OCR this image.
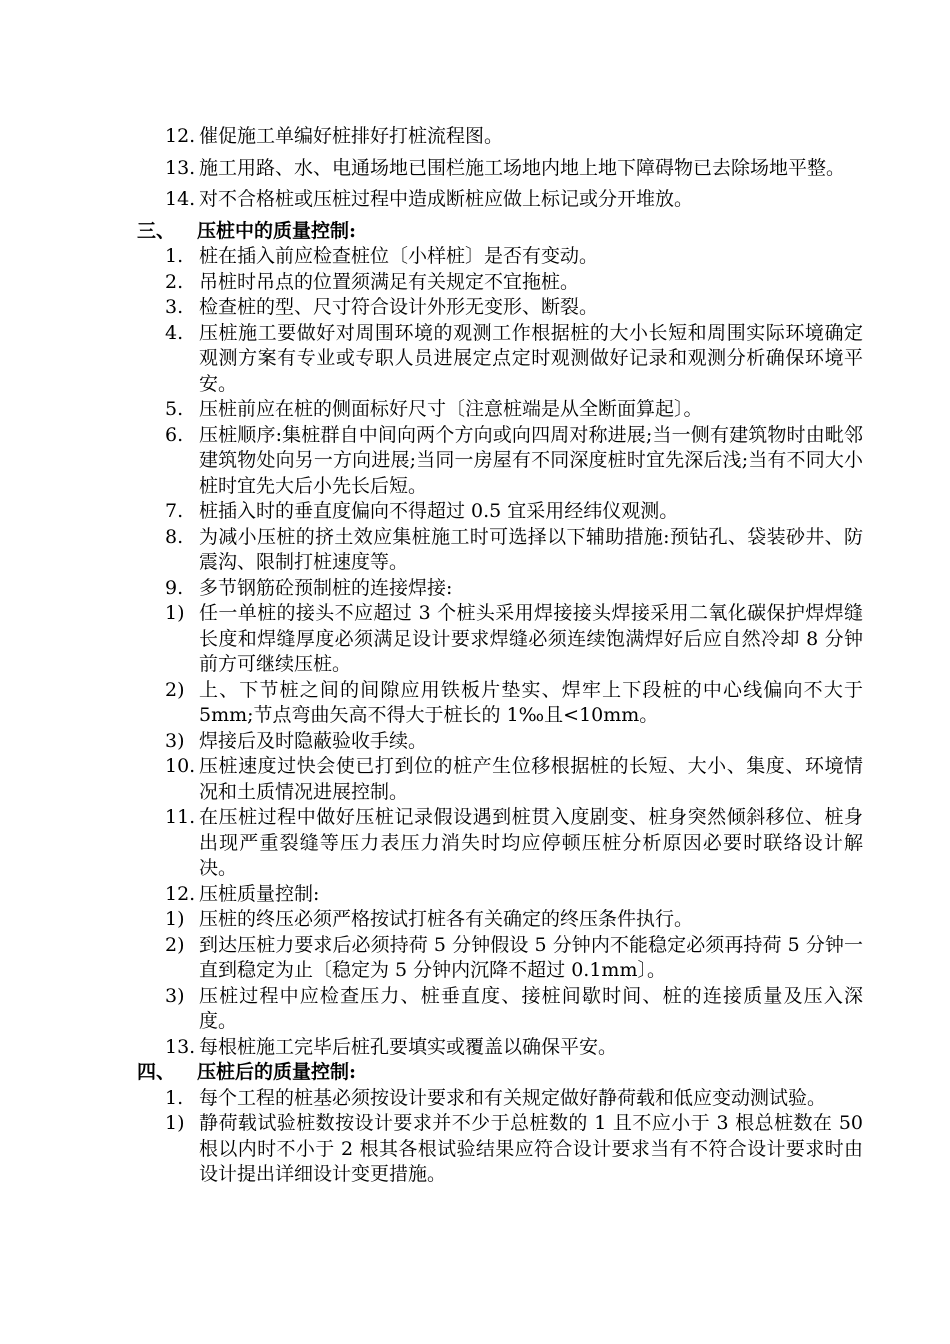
12. 催促施工单编好桩排好打桩流程图。
13. 施工用路、水、电通场地已围栏施工场地内地上地下障碍物已去除场地平整。
14. 对不合格桩或压桩过程中造成断桩应做上标记或分开堆放。
三、 压桩中的质量控制:
1. 桩在插入前应检查桩位〔小样桩〕是否有变动。
2. 吊桩时吊点的位置须满足有关规定不宜拖桩。
3. 检查桩的型、尺寸符合设计外形无变形、断裂。
4. 压桩施工要做好对周围环境的观测工作根据桩的大小长短和周围实际环境确定观测方案有专业或专职人员进展定点定时观测做好记录和观测分析确保环境平安。
5. 压桩前应在桩的侧面标好尺寸〔注意桩端是从全断面算起〕。
6. 压桩顺序:集桩群自中间向两个方向或向四周对称进展;当一侧有建筑物时由毗邻建筑物处向另一方向进展;当同一房屋有不同深度桩时宜先深后浅;当有不同大小桩时宜先大后小先长后短。
7. 桩插入时的垂直度偏向不得超过 0.5 宜采用经纬仪观测。
8. 为减小压桩的挤土效应集桩施工时可选择以下辅助措施:预钻孔、袋装砂井、防震沟、限制打桩速度等。
9. 多节钢筋砼预制桩的连接焊接:
1) 任一单桩的接头不应超过 3 个桩头采用焊接接头焊接采用二氧化碳保护焊焊缝长度和焊缝厚度必须满足设计要求焊缝必须连续饱满焊好后应自然冷却 8 分钟前方可继续压桩。
2) 上、下节桩之间的间隙应用铁板片垫实、焊牢上下段桩的中心线偏向不大于 5mm;节点弯曲矢高不得大于桩长的 1‰且<10mm。
3) 焊接后及时隐蔽验收手续。
10. 压桩速度过快会使已打到位的桩产生位移根据桩的长短、大小、集度、环境情况和土质情况进展控制。
11. 在压桩过程中做好压桩记录假设遇到桩贯入度剧变、桩身突然倾斜移位、桩身出现严重裂缝等压力表压力消失时均应停顿压桩分析原因必要时联络设计解决。
12. 压桩质量控制:
1) 压桩的终压必须严格按试打桩各有关确定的终压条件执行。
2) 到达压桩力要求后必须持荷 5 分钟假设 5 分钟内不能稳定必须再持荷 5 分钟一直到稳定为止〔稳定为 5 分钟内沉降不超过 0.1mm〕。
3) 压桩过程中应检查压力、桩垂直度、接桩间歇时间、桩的连接质量及压入深度。
13. 每根桩施工完毕后桩孔要填实或覆盖以确保平安。
四、 压桩后的质量控制:
1. 每个工程的桩基必须按设计要求和有关规定做好静荷载和低应变动测试验。
1) 静荷载试验桩数按设计要求并不少于总桩数的 1 且不应小于 3 根总桩数在 50 根以内时不小于 2 根其各根试验结果应符合设计要求当有不符合设计要求时由设计提出详细设计变更措施。
